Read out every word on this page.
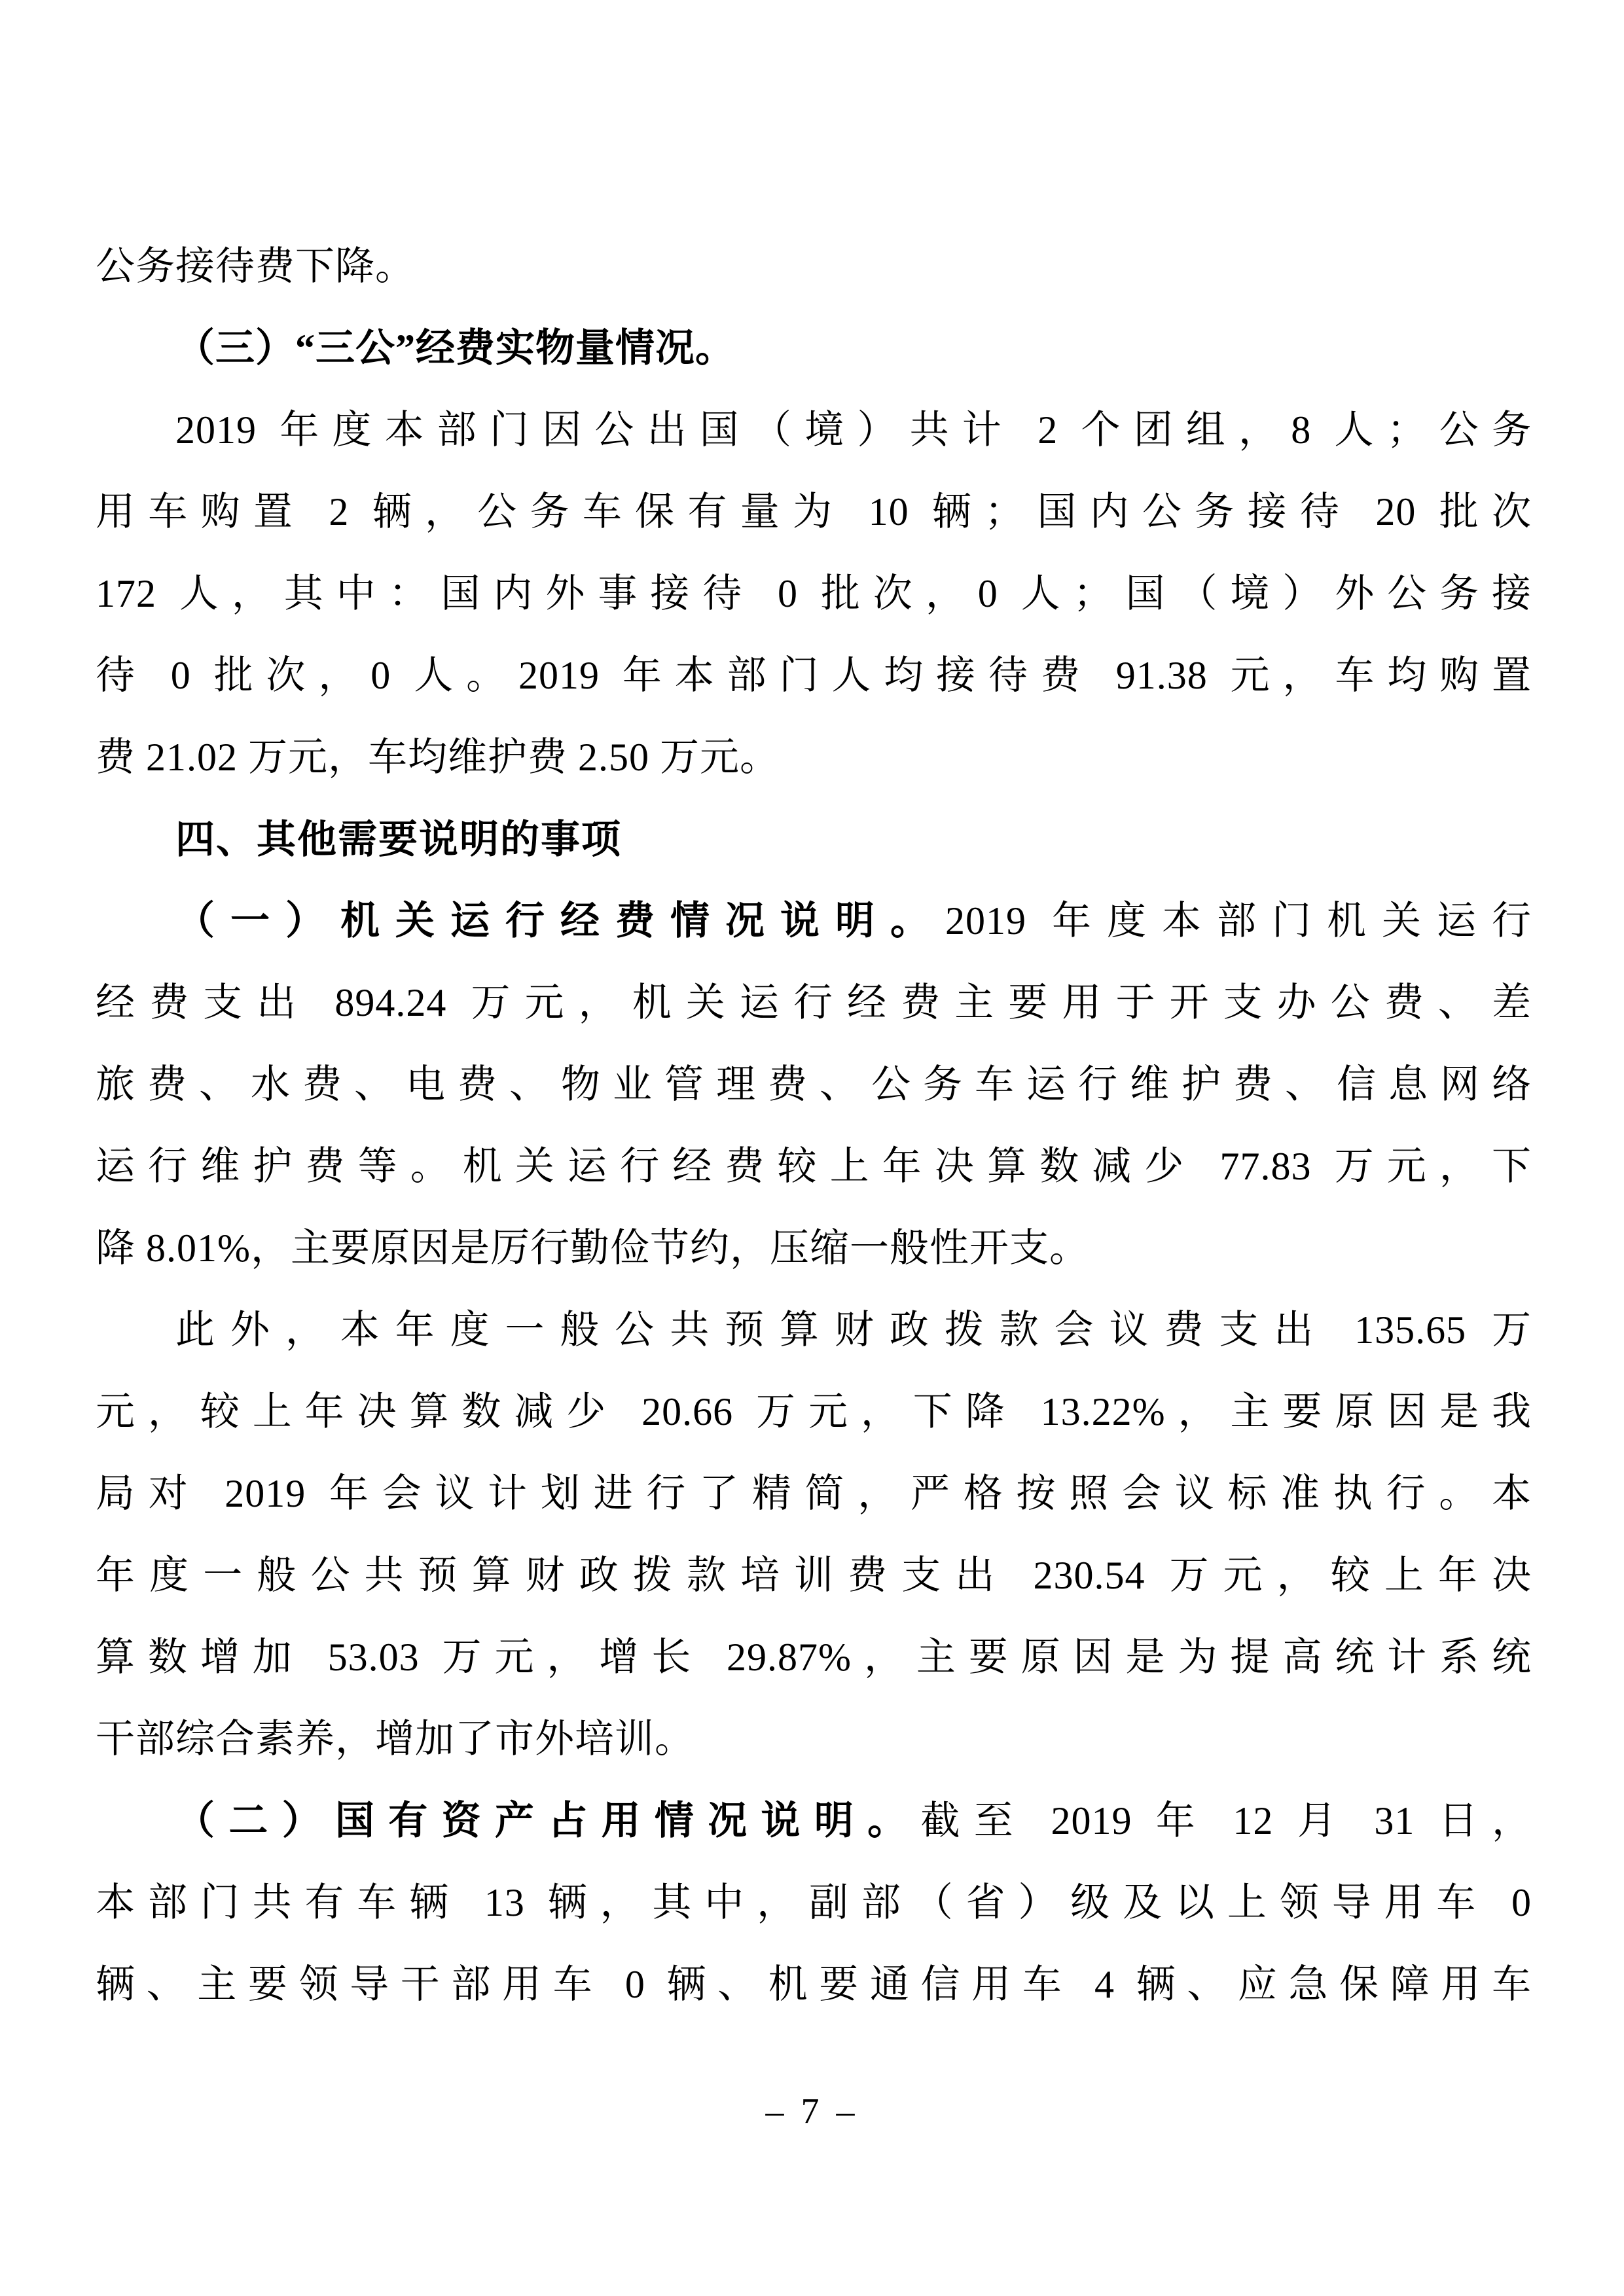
公务接待费下降。
（三）“三公”经费实物量情况。
2019 年度本部门因公出国（境）共计 2 个团组，8 人；公务
用车购置 2 辆，公务车保有量为 10 辆；国内公务接待 20 批次
172 人，其中：国内外事接待 0 批次，0 人；国（境）外公务接
待 0 批次，0 人。2019 年本部门人均接待费 91.38 元，车均购置
费 21.02 万元，车均维护费 2.50 万元。
四、其他需要说明的事项
（一）机关运行经费情况说明。2019 年度本部门机关运行
经费支出 894.24 万元，机关运行经费主要用于开支办公费、差
旅费、水费、电费、物业管理费、公务车运行维护费、信息网络
运行维护费等。机关运行经费较上年决算数减少 77.83 万元，下
降 8.01%，主要原因是厉行勤俭节约，压缩一般性开支。
此外，本年度一般公共预算财政拨款会议费支出 135.65 万
元，较上年决算数减少 20.66 万元，下降 13.22%，主要原因是我
局对 2019 年会议计划进行了精简，严格按照会议标准执行。本
年度一般公共预算财政拨款培训费支出 230.54 万元，较上年决
算数增加 53.03 万元，增长 29.87%，主要原因是为提高统计系统
干部综合素养，增加了市外培训。
（二）国有资产占用情况说明。截至 2019 年 12 月 31 日，
本部门共有车辆 13 辆，其中，副部（省）级及以上领导用车 0
辆、主要领导干部用车 0 辆、机要通信用车 4 辆、应急保障用车
– 7 –
